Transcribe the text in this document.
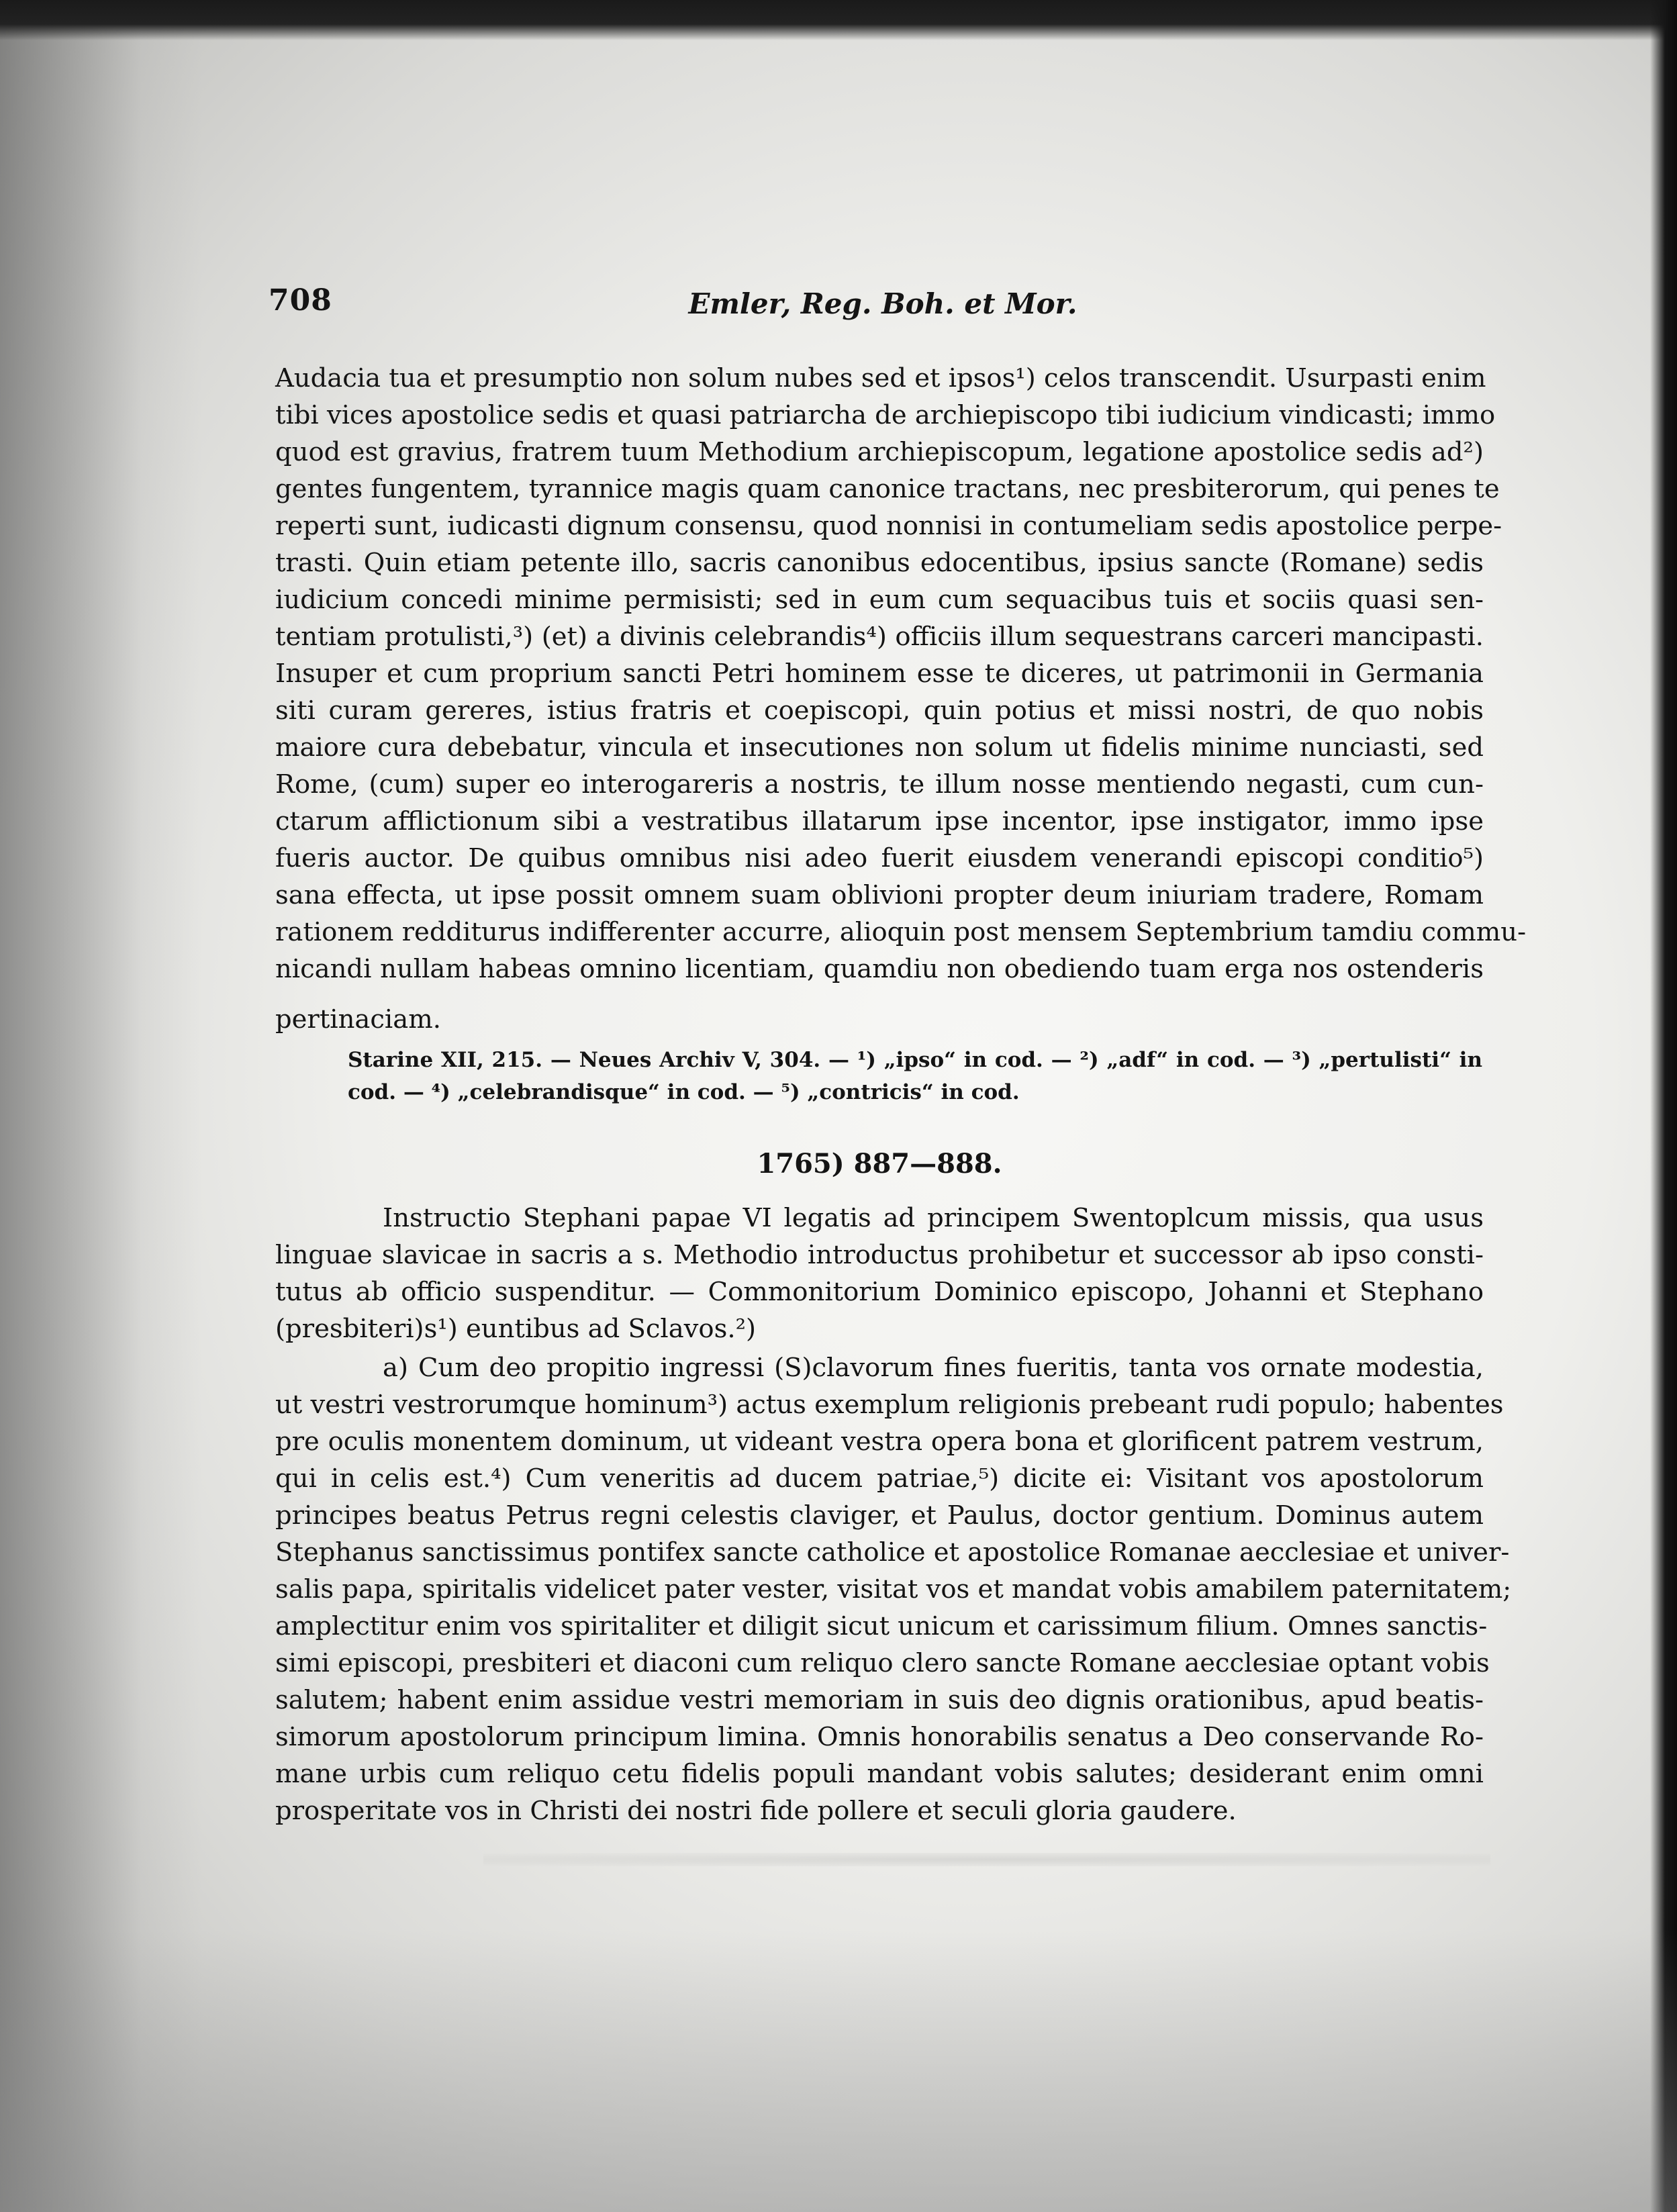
708	Emler, Reg. Boh. et Mor.
Audacia tua et presumptio non solum nubes sed et ipsos¹) celos transcendit. Usurpasti enim
tibi vices apostolice sedis et quasi patriarcha de archiepiscopo tibi iudicium vindicasti; immo
quod est gravius, fratrem tuum Methodium archiepiscopum, legatione apostolice sedis ad²)
gentes fungentem, tyrannice magis quam canonice tractans, nec presbiterorum, qui penes te
reperti sunt, iudicasti dignum consensu, quod nonnisi in contumeliam sedis apostolice perpe-
trasti. Quin etiam petente illo, sacris canonibus edocentibus, ipsius sancte (Romane) sedis
iudicium concedi minime permisisti; sed in eum cum sequacibus tuis et sociis quasi sen-
tentiam protulisti,³) (et) a divinis celebrandis⁴) officiis illum sequestrans carceri mancipasti.
Insuper et cum proprium sancti Petri hominem esse te diceres, ut patrimonii in Germania
siti curam gereres, istius fratris et coepiscopi, quin potius et missi nostri, de quo nobis
maiore cura debebatur, vincula et insecutiones non solum ut fidelis minime nunciasti, sed
Rome, (cum) super eo interogareris a nostris, te illum nosse mentiendo negasti, cum cun-
ctarum afflictionum sibi a vestratibus illatarum ipse incentor, ipse instigator, immo ipse
fueris auctor. De quibus omnibus nisi adeo fuerit eiusdem venerandi episcopi conditio⁵)
sana effecta, ut ipse possit omnem suam oblivioni propter deum iniuriam tradere, Romam
rationem redditurus indifferenter accurre, alioquin post mensem Septembrium tamdiu commu-
nicandi nullam habeas omnino licentiam, quamdiu non obediendo tuam erga nos ostenderis
pertinaciam.
Starine XII, 215. — Neues Archiv V, 304. — ¹) „ipso“ in cod. — ²) „adf“ in cod. — ³) „pertulisti“ in
cod. — ⁴) „celebrandisque“ in cod. — ⁵) „contricis“ in cod.
1765) 887—888.
Instructio Stephani papae VI legatis ad principem Swentoplcum missis, qua usus
linguae slavicae in sacris a s. Methodio introductus prohibetur et successor ab ipso consti-
tutus ab officio suspenditur. — Commonitorium Dominico episcopo, Johanni et Stephano
(presbiteri)s¹) euntibus ad Sclavos.²)
a) Cum deo propitio ingressi (S)clavorum fines fueritis, tanta vos ornate modestia,
ut vestri vestrorumque hominum³) actus exemplum religionis prebeant rudi populo; habentes
pre oculis monentem dominum, ut videant vestra opera bona et glorificent patrem vestrum,
qui in celis est.⁴) Cum veneritis ad ducem patriae,⁵) dicite ei: Visitant vos apostolorum
principes beatus Petrus regni celestis claviger, et Paulus, doctor gentium. Dominus autem
Stephanus sanctissimus pontifex sancte catholice et apostolice Romanae aecclesiae et univer-
salis papa, spiritalis videlicet pater vester, visitat vos et mandat vobis amabilem paternitatem;
amplectitur enim vos spiritaliter et diligit sicut unicum et carissimum filium. Omnes sanctis-
simi episcopi, presbiteri et diaconi cum reliquo clero sancte Romane aecclesiae optant vobis
salutem; habent enim assidue vestri memoriam in suis deo dignis orationibus, apud beatis-
simorum apostolorum principum limina. Omnis honorabilis senatus a Deo conservande Ro-
mane urbis cum reliquo cetu fidelis populi mandant vobis salutes; desiderant enim omni
prosperitate vos in Christi dei nostri fide pollere et seculi gloria gaudere.
